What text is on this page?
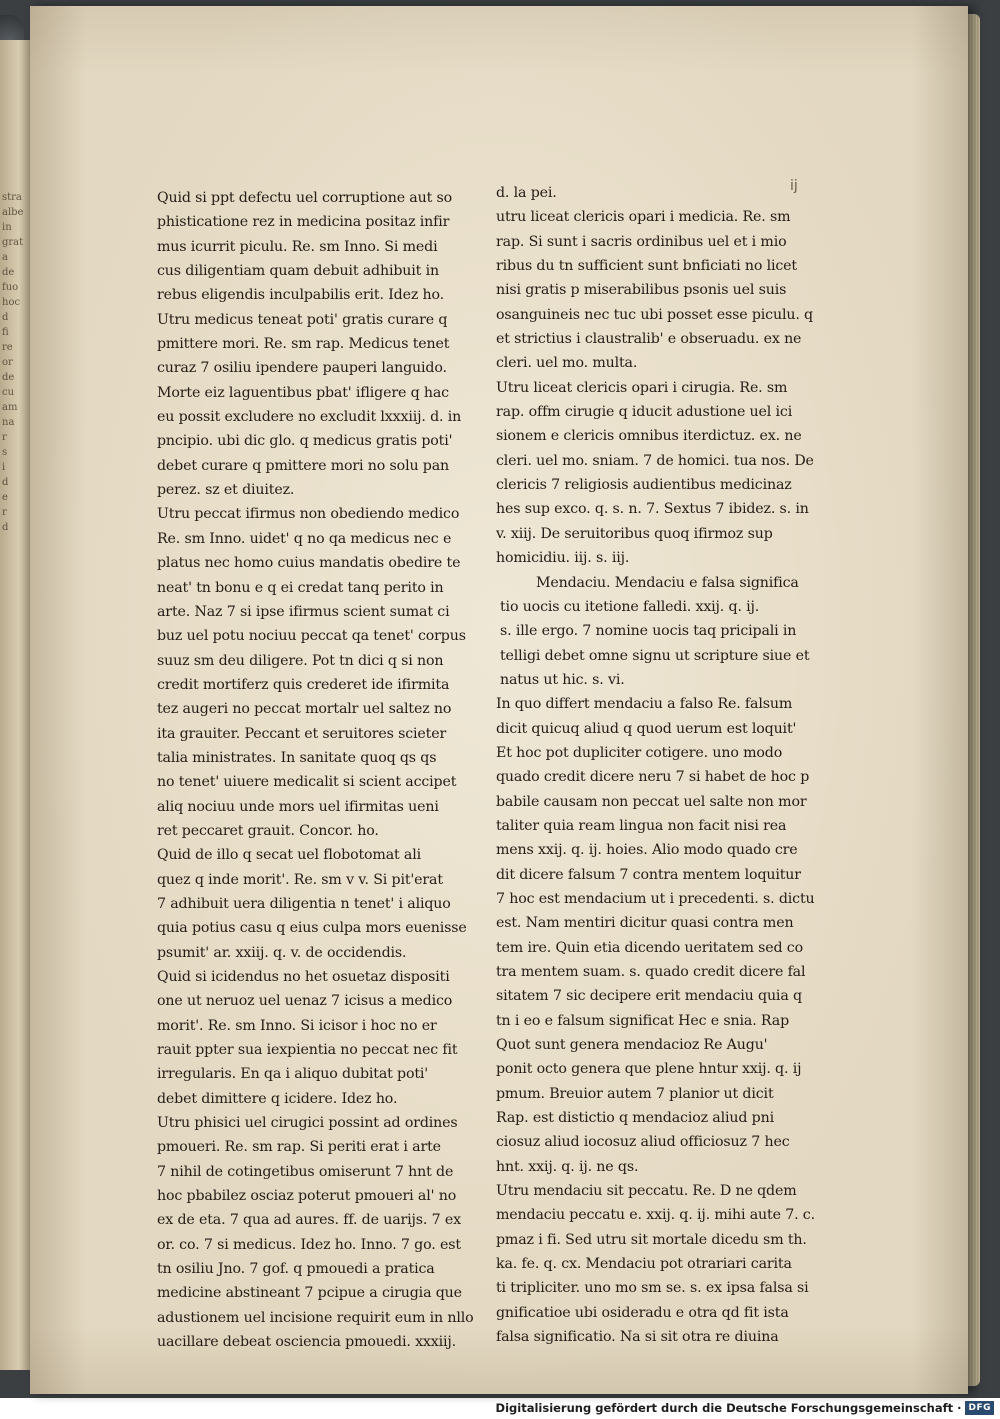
stra
albe
in
grat
a
de
fuo
hoc
d
fi
re
or
de
cu
am
na
r
s
i
d
e
r
d
Quid si ppt defectu uel corruptione aut so
phisticatione rez in medicina positaz infir
mus icurrit piculu. Re. sm Inno. Si medi
cus diligentiam quam debuit adhibuit in
rebus eligendis inculpabilis erit. Idez ho.
Utru medicus teneat poti' gratis curare q
pmittere mori. Re. sm rap. Medicus tenet
curaz 7 osiliu ipendere pauperi languido.
Morte eiz laguentibus pbat' ifligere q hac
eu possit excludere no excludit lxxxiij. d. in
pncipio. ubi dic glo. q medicus gratis poti'
debet curare q pmittere mori no solu pan
perez. sz et diuitez.
Utru peccat ifirmus non obediendo medico
Re. sm Inno. uidet' q no qa medicus nec e
platus nec homo cuius mandatis obedire te
neat' tn bonu e q ei credat tanq perito in
arte. Naz 7 si ipse ifirmus scient sumat ci
buz uel potu nociuu peccat qa tenet' corpus
suuz sm deu diligere. Pot tn dici q si non
credit mortiferz quis crederet ide ifirmita
tez augeri no peccat mortalr uel saltez no
ita grauiter. Peccant et seruitores scieter
talia ministrates. In sanitate quoq qs qs
no tenet' uiuere medicalit si scient accipet
aliq nociuu unde mors uel ifirmitas ueni
ret peccaret grauit. Concor. ho.
Quid de illo q secat uel flobotomat ali
quez q inde morit'. Re. sm v v. Si pit'erat
7 adhibuit uera diligentia n tenet' i aliquo
quia potius casu q eius culpa mors euenisse
psumit' ar. xxiij. q. v. de occidendis.
Quid si icidendus no het osuetaz dispositi
one ut neruoz uel uenaz 7 icisus a medico
morit'. Re. sm Inno. Si icisor i hoc no er
rauit ppter sua iexpientia no peccat nec fit
irregularis. En qa i aliquo dubitat poti'
debet dimittere q icidere. Idez ho.
Utru phisici uel cirugici possint ad ordines
pmoueri. Re. sm rap. Si periti erat i arte
7 nihil de cotingetibus omiserunt 7 hnt de
hoc pbabilez osciaz poterut pmoueri al' no
ex de eta. 7 qua ad aures. ff. de uarijs. 7 ex
or. co. 7 si medicus. Idez ho. Inno. 7 go. est
tn osiliu Jno. 7 gof. q pmouedi a pratica
medicine abstineant 7 pcipue a cirugia que
adustionem uel incisione requirit eum in nllo
uacillare debeat osciencia pmouedi. xxxiij.
d. la pei.
utru liceat clericis opari i medicia. Re. sm
rap. Si sunt i sacris ordinibus uel et i mio
ribus du tn sufficient sunt bnficiati no licet
nisi gratis p miserabilibus psonis uel suis
osanguineis nec tuc ubi posset esse piculu. q
et strictius i claustralib' e obseruadu. ex ne
cleri. uel mo. multa.
Utru liceat clericis opari i cirugia. Re. sm
rap. offm cirugie q iducit adustione uel ici
sionem e clericis omnibus iterdictuz. ex. ne
cleri. uel mo. sniam. 7 de homici. tua nos. De
clericis 7 religiosis audientibus medicinaz
hes sup exco. q. s. n. 7. Sextus 7 ibidez. s. in
v. xiij. De seruitoribus quoq ifirmoz sup
homicidiu. iij. s. iij.
Mendaciu. Mendaciu e falsa significa
tio uocis cu itetione falledi. xxij. q. ij.
s. ille ergo. 7 nomine uocis taq pricipali in
telligi debet omne signu ut scripture siue et
natus ut hic. s. vi.
In quo differt mendaciu a falso Re. falsum
dicit quicuq aliud q quod uerum est loquit'
Et hoc pot dupliciter cotigere. uno modo
quado credit dicere neru 7 si habet de hoc p
babile causam non peccat uel salte non mor
taliter quia ream lingua non facit nisi rea
mens xxij. q. ij. hoies. Alio modo quado cre
dit dicere falsum 7 contra mentem loquitur
7 hoc est mendacium ut i precedenti. s. dictu
est. Nam mentiri dicitur quasi contra men
tem ire. Quin etia dicendo ueritatem sed co
tra mentem suam. s. quado credit dicere fal
sitatem 7 sic decipere erit mendaciu quia q
tn i eo e falsum significat Hec e snia. Rap
Quot sunt genera mendacioz Re Augu'
ponit octo genera que plene hntur xxij. q. ij
pmum. Breuior autem 7 planior ut dicit
Rap. est distictio q mendacioz aliud pni
ciosuz aliud iocosuz aliud officiosuz 7 hec
hnt. xxij. q. ij. ne qs.
Utru mendaciu sit peccatu. Re. D ne qdem
mendaciu peccatu e. xxij. q. ij. mihi aute 7. c.
pmaz i fi. Sed utru sit mortale dicedu sm th.
ka. fe. q. cx. Mendaciu pot otrariari carita
ti tripliciter. uno mo sm se. s. ex ipsa falsa si
gnificatioe ubi osideradu e otra qd fit ista
falsa significatio. Na si sit otra re diuina
ij
Digitalisierung gefördert durch die Deutsche Forschungsgemeinschaft · DFG
